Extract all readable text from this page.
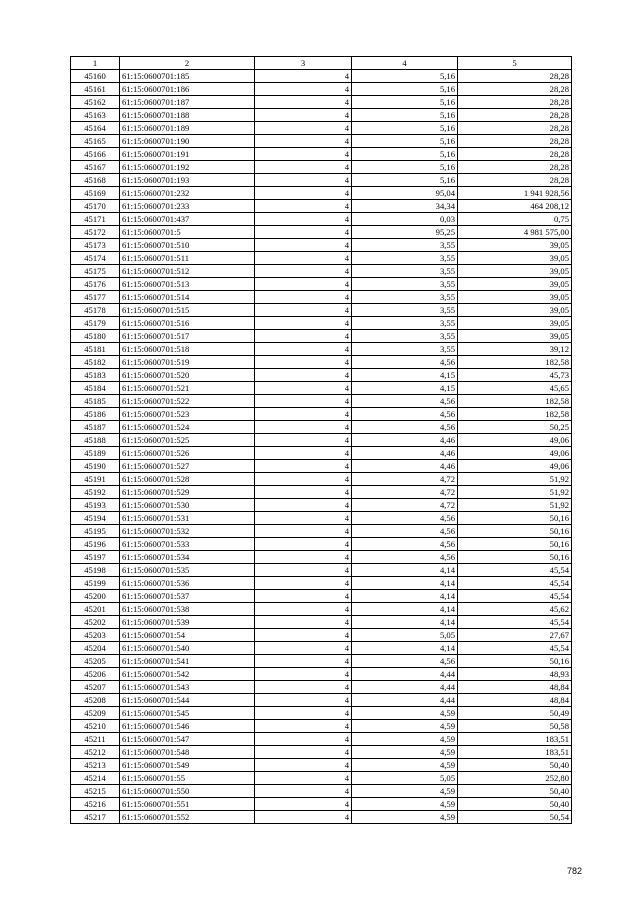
1	2	3	4	5
45160	61:15:0600701:185	4	5,16	28,28
45161	61:15:0600701:186	4	5,16	28,28
45162	61:15:0600701:187	4	5,16	28,28
45163	61:15:0600701:188	4	5,16	28,28
45164	61:15:0600701:189	4	5,16	28,28
45165	61:15:0600701:190	4	5,16	28,28
45166	61:15:0600701:191	4	5,16	28,28
45167	61:15:0600701:192	4	5,16	28,28
45168	61:15:0600701:193	4	5,16	28,28
45169	61:15:0600701:232	4	95,04	1 941 928,56
45170	61:15:0600701:233	4	34,34	464 208,12
45171	61:15:0600701:437	4	0,03	0,75
45172	61:15:0600701:5	4	95,25	4 981 575,00
45173	61:15:0600701:510	4	3,55	39,05
45174	61:15:0600701:511	4	3,55	39,05
45175	61:15:0600701:512	4	3,55	39,05
45176	61:15:0600701:513	4	3,55	39,05
45177	61:15:0600701:514	4	3,55	39,05
45178	61:15:0600701:515	4	3,55	39,05
45179	61:15:0600701:516	4	3,55	39,05
45180	61:15:0600701:517	4	3,55	39,05
45181	61:15:0600701:518	4	3,55	39,12
45182	61:15:0600701:519	4	4,56	182,58
45183	61:15:0600701:520	4	4,15	45,73
45184	61:15:0600701:521	4	4,15	45,65
45185	61:15:0600701:522	4	4,56	182,58
45186	61:15:0600701:523	4	4,56	182,58
45187	61:15:0600701:524	4	4,56	50,25
45188	61:15:0600701:525	4	4,46	49,06
45189	61:15:0600701:526	4	4,46	49,06
45190	61:15:0600701:527	4	4,46	49,06
45191	61:15:0600701:528	4	4,72	51,92
45192	61:15:0600701:529	4	4,72	51,92
45193	61:15:0600701:530	4	4,72	51,92
45194	61:15:0600701:531	4	4,56	50,16
45195	61:15:0600701:532	4	4,56	50,16
45196	61:15:0600701:533	4	4,56	50,16
45197	61:15:0600701:534	4	4,56	50,16
45198	61:15:0600701:535	4	4,14	45,54
45199	61:15:0600701:536	4	4,14	45,54
45200	61:15:0600701:537	4	4,14	45,54
45201	61:15:0600701:538	4	4,14	45,62
45202	61:15:0600701:539	4	4,14	45,54
45203	61:15:0600701:54	4	5,05	27,67
45204	61:15:0600701:540	4	4,14	45,54
45205	61:15:0600701:541	4	4,56	50,16
45206	61:15:0600701:542	4	4,44	48,93
45207	61:15:0600701:543	4	4,44	48,84
45208	61:15:0600701:544	4	4,44	48,84
45209	61:15:0600701:545	4	4,59	50,49
45210	61:15:0600701:546	4	4,59	50,58
45211	61:15:0600701:547	4	4,59	183,51
45212	61:15:0600701:548	4	4,59	183,51
45213	61:15:0600701:549	4	4,59	50,40
45214	61:15:0600701:55	4	5,05	252,80
45215	61:15:0600701:550	4	4,59	50,40
45216	61:15:0600701:551	4	4,59	50,40
45217	61:15:0600701:552	4	4,59	50,54
782
